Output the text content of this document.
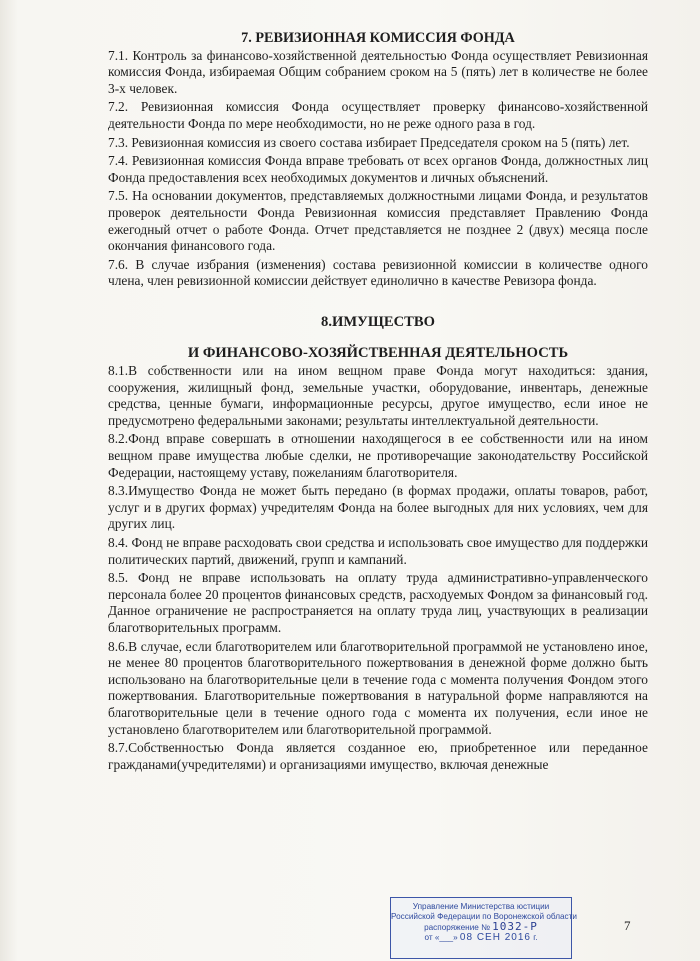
7. РЕВИЗИОННАЯ КОМИССИЯ ФОНДА

7.1. Контроль за финансово-хозяйственной деятельностью Фонда осуществляет Ревизионная комиссия Фонда, избираемая Общим собранием сроком на 5 (пять) лет в количестве не более 3-х человек.

7.2. Ревизионная комиссия Фонда осуществляет проверку финансово-хозяйственной деятельности Фонда по мере необходимости, но не реже одного раза в год.

7.3. Ревизионная комиссия из своего состава избирает Председателя сроком на 5 (пять) лет.

7.4. Ревизионная комиссия Фонда вправе требовать от всех органов Фонда, должностных лиц Фонда предоставления всех необходимых документов и личных объяснений.

7.5. На основании документов, представляемых должностными лицами Фонда, и результатов проверок деятельности Фонда Ревизионная комиссия представляет Правлению Фонда ежегодный отчет о работе Фонда. Отчет представляется не позднее 2 (двух) месяца после окончания финансового года.

7.6. В случае избрания (изменения) состава ревизионной комиссии в количестве одного члена, член ревизионной комиссии действует единолично в качестве Ревизора фонда.

8.ИМУЩЕСТВО

И ФИНАНСОВО-ХОЗЯЙСТВЕННАЯ ДЕЯТЕЛЬНОСТЬ

8.1.В собственности или на ином вещном праве Фонда могут находиться: здания, сооружения, жилищный фонд, земельные участки, оборудование, инвентарь, денежные средства, ценные бумаги, информационные ресурсы, другое имущество, если иное не предусмотрено федеральными законами; результаты интеллектуальной деятельности.

8.2.Фонд вправе совершать в отношении находящегося в ее собственности или на ином вещном праве имущества любые сделки, не противоречащие законодательству Российской Федерации, настоящему уставу, пожеланиям благотворителя.

8.3.Имущество Фонда не может быть передано (в формах продажи, оплаты товаров, работ, услуг и в других формах) учредителям Фонда на более выгодных для них условиях, чем для других лиц.

8.4. Фонд не вправе расходовать свои средства и использовать свое имущество для поддержки политических партий, движений, групп и кампаний.

8.5. Фонд не вправе использовать на оплату труда административно-управленческого персонала более 20 процентов финансовых средств, расходуемых Фондом за финансовый год. Данное ограничение не распространяется на оплату труда лиц, участвующих в реализации благотворительных программ.

8.6.В случае, если благотворителем или благотворительной программой не установлено иное, не менее 80 процентов благотворительного пожертвования в денежной форме должно быть использовано на благотворительные цели в течение года с момента получения Фондом этого пожертвования. Благотворительные пожертвования в натуральной форме направляются на благотворительные цели в течение одного года с момента их получения, если иное не установлено благотворителем или благотворительной программой.

8.7.Собственностью Фонда является созданное ею, приобретенное или переданное гражданами(учредителями) и организациями имущество, включая денежные

Управление Министерства юстиции
Российской Федерации по Воронежской области
распоряжение № 1032-Р
от «___» 08 СЕН 2016 г.
7
